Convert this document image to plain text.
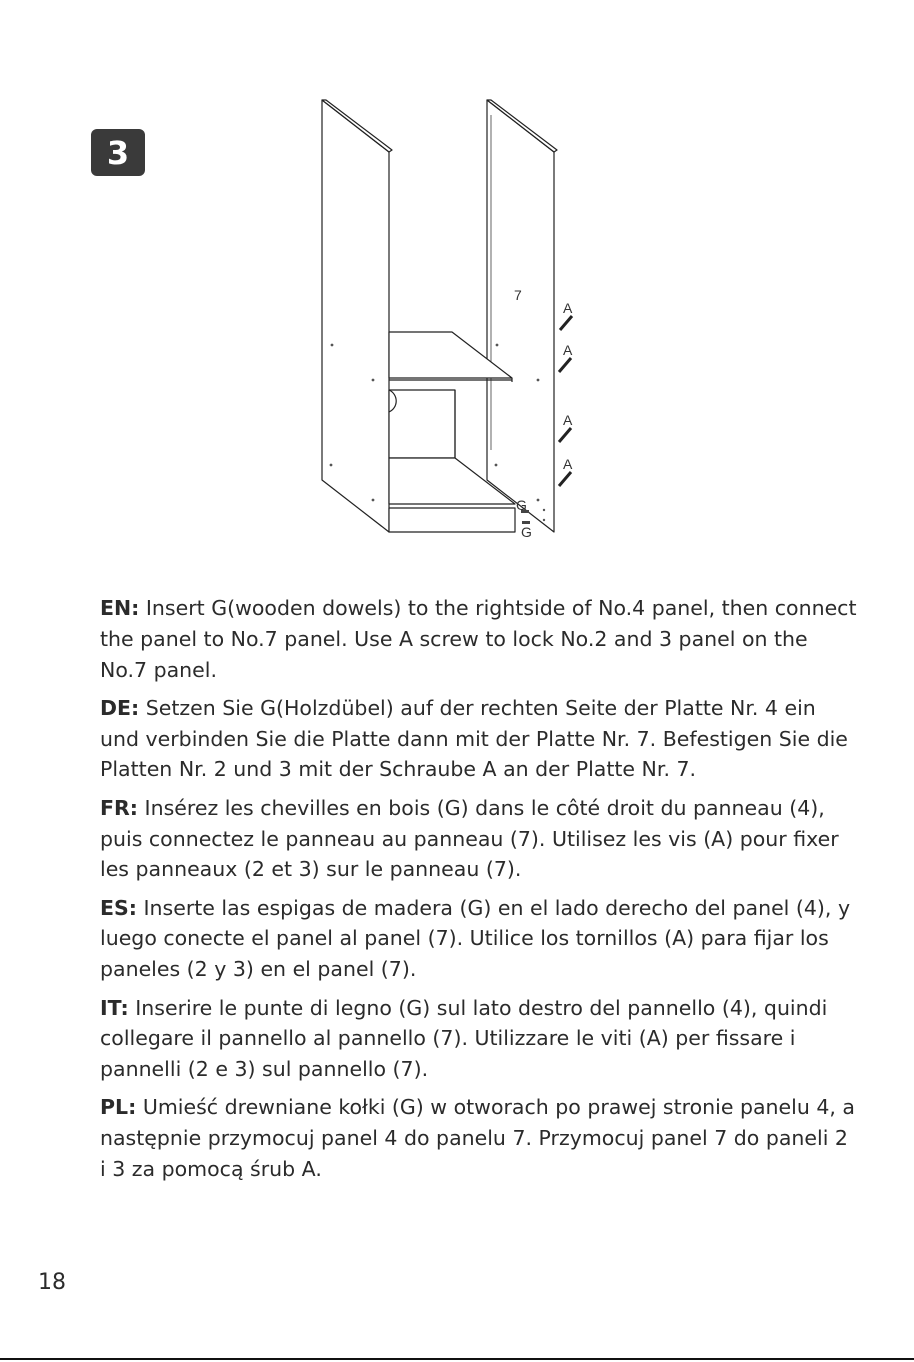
3
7
A
A
A
A
G
G

EN: Insert G(wooden dowels) to the rightside of No.4 panel, then connect the panel to No.7 panel. Use A screw to lock No.2 and 3 panel on the No.7 panel.

DE: Setzen Sie G(Holzdübel) auf der rechten Seite der Platte Nr. 4 ein und verbinden Sie die Platte dann mit der Platte Nr. 7. Befestigen Sie die Platten Nr. 2 und 3 mit der Schraube A an der Platte Nr. 7.

FR: Insérez les chevilles en bois (G) dans le côté droit du panneau (4), puis connectez le panneau au panneau (7). Utilisez les vis (A) pour fixer les panneaux (2 et 3) sur le panneau (7).

ES: Inserte las espigas de madera (G) en el lado derecho del panel (4), y luego conecte el panel al panel (7). Utilice los tornillos (A) para fijar los paneles (2 y 3) en el panel (7).

IT: Inserire le punte di legno (G) sul lato destro del pannello (4), quindi collegare il pannello al pannello (7). Utilizzare le viti (A) per fissare i pannelli (2 e 3) sul pannello (7).

PL: Umieść drewniane kołki (G) w otworach po prawej stronie panelu 4, a następnie przymocuj panel 4 do panelu 7. Przymocuj panel 7 do paneli 2 i 3 za pomocą śrub A.

18
